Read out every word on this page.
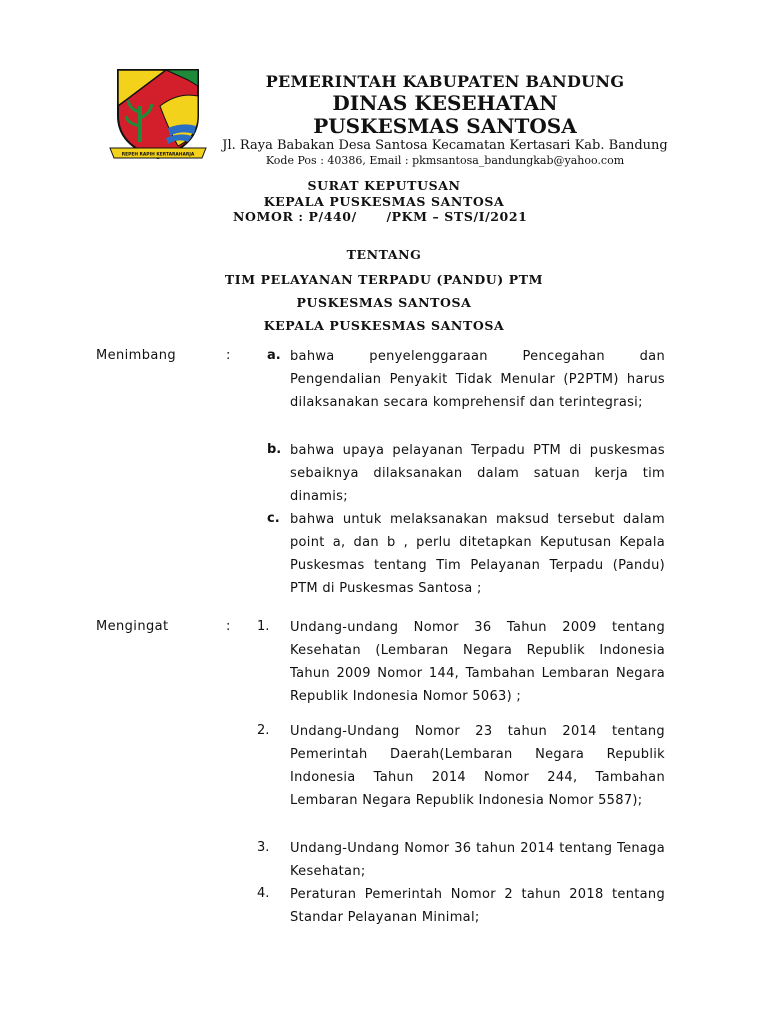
REPEH RAPIH KERTARAHARJA
PEMERINTAH KABUPATEN BANDUNG
DINAS KESEHATAN
PUSKESMAS SANTOSA
Jl. Raya Babakan Desa Santosa Kecamatan Kertasari Kab. Bandung
Kode Pos : 40386, Email : pkmsantosa_bandungkab@yahoo.com
SURAT KEPUTUSAN
KEPALA PUSKESMAS SANTOSA
NOMOR : P/440/      /PKM – STS/I/2021
TENTANG
TIM PELAYANAN TERPADU (PANDU) PTM
PUSKESMAS SANTOSA
KEPALA PUSKESMAS SANTOSA
Menimbang	:	a. bahwa penyelenggaraan Pencegahan dan Pengendalian Penyakit Tidak Menular (P2PTM) harus dilaksanakan secara komprehensif dan terintegrasi;
b. bahwa upaya pelayanan Terpadu PTM di puskesmas sebaiknya dilaksanakan dalam satuan kerja tim dinamis;
c. bahwa untuk melaksanakan maksud tersebut dalam point a, dan b , perlu ditetapkan Keputusan Kepala Puskesmas tentang Tim Pelayanan Terpadu (Pandu) PTM di Puskesmas Santosa ;
Mengingat	: 1. Undang-undang Nomor 36 Tahun 2009 tentang Kesehatan (Lembaran Negara Republik Indonesia Tahun 2009 Nomor 144, Tambahan Lembaran Negara Republik Indonesia Nomor 5063) ;
2. Undang-Undang Nomor 23 tahun 2014 tentang Pemerintah Daerah(Lembaran Negara Republik Indonesia Tahun 2014 Nomor 244, Tambahan Lembaran Negara Republik Indonesia Nomor 5587);
3. Undang-Undang Nomor 36 tahun 2014 tentang Tenaga Kesehatan;
4. Peraturan Pemerintah Nomor 2 tahun 2018 tentang Standar Pelayanan Minimal;
